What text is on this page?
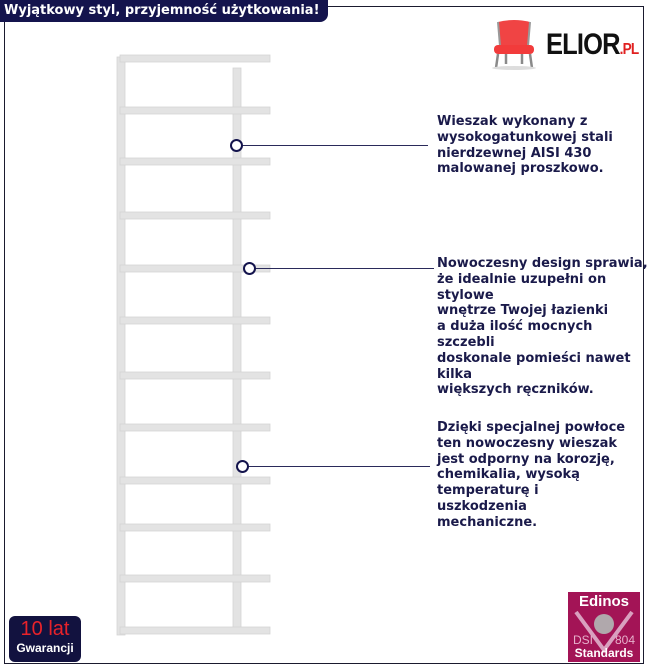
Wyjątkowy styl, przyjemność użytkowania!
ELIOR.PL
Wieszak wykonany z
wysokogatunkowej stali
nierdzewnej AISI 430
malowanej proszkowo.
Nowoczesny design sprawia,
że idealnie uzupełni on stylowe
wnętrze Twojej łazienki
a duża ilość mocnych szczebli
doskonale pomieści nawet kilka
większych ręczników.
Dzięki specjalnej powłoce
ten nowoczesny wieszak
jest odporny na korozję,
chemikalia, wysoką
temperaturę i
uszkodzenia
mechaniczne.
10 lat
Gwarancji
Edinos
DSI 804
Standards
